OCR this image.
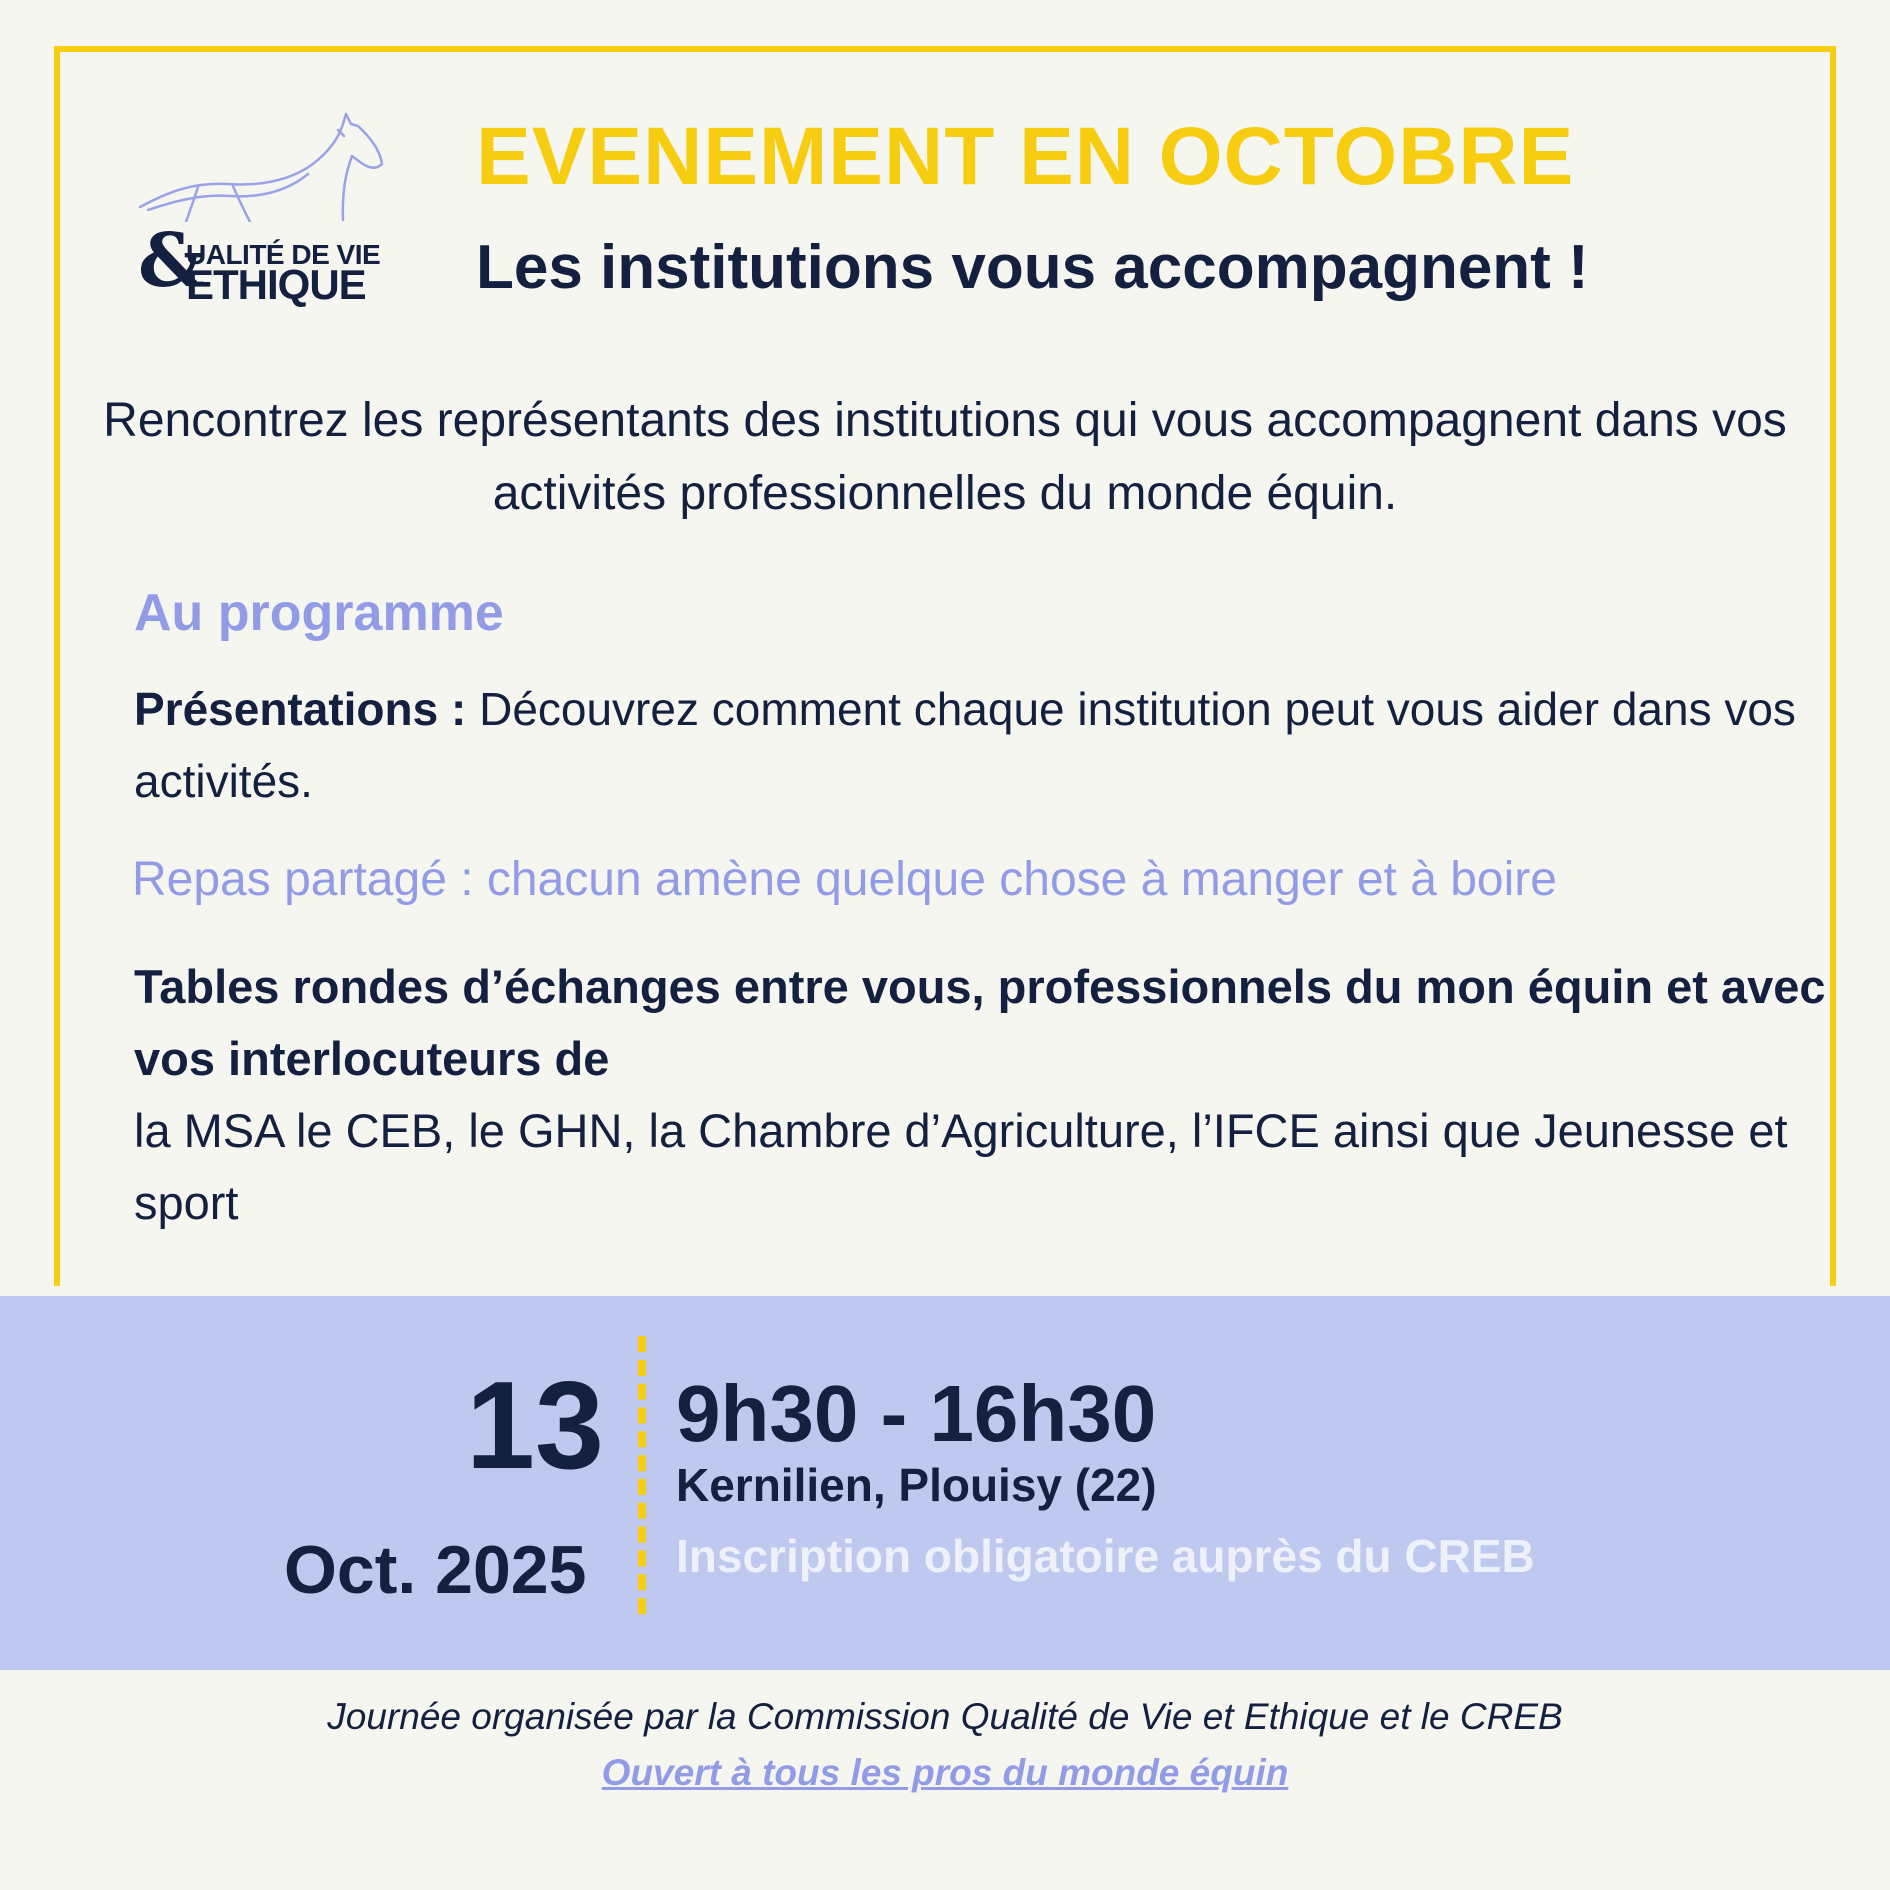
&
UALITÉ DE VIE
ETHIQUE
EVENEMENT EN OCTOBRE
Les institutions vous accompagnent !
Rencontrez les représentants des institutions qui vous accompagnent dans vos activités professionnelles du monde équin.
Au programme
Présentations : Découvrez comment chaque institution peut vous aider dans vos activités.
Repas partagé : chacun amène quelque chose à manger et à boire
Tables rondes d’échanges entre vous, professionnels du mon équin et avec vos interlocuteurs de
la MSA le CEB, le GHN, la Chambre d’Agriculture, l’IFCE ainsi que Jeunesse et sport
13
Oct. 2025
9h30 - 16h30
Kernilien, Plouisy (22)
Inscription obligatoire auprès du CREB
Journée organisée par la Commission Qualité de Vie et Ethique et le CREB
Ouvert à tous les pros du monde équin
